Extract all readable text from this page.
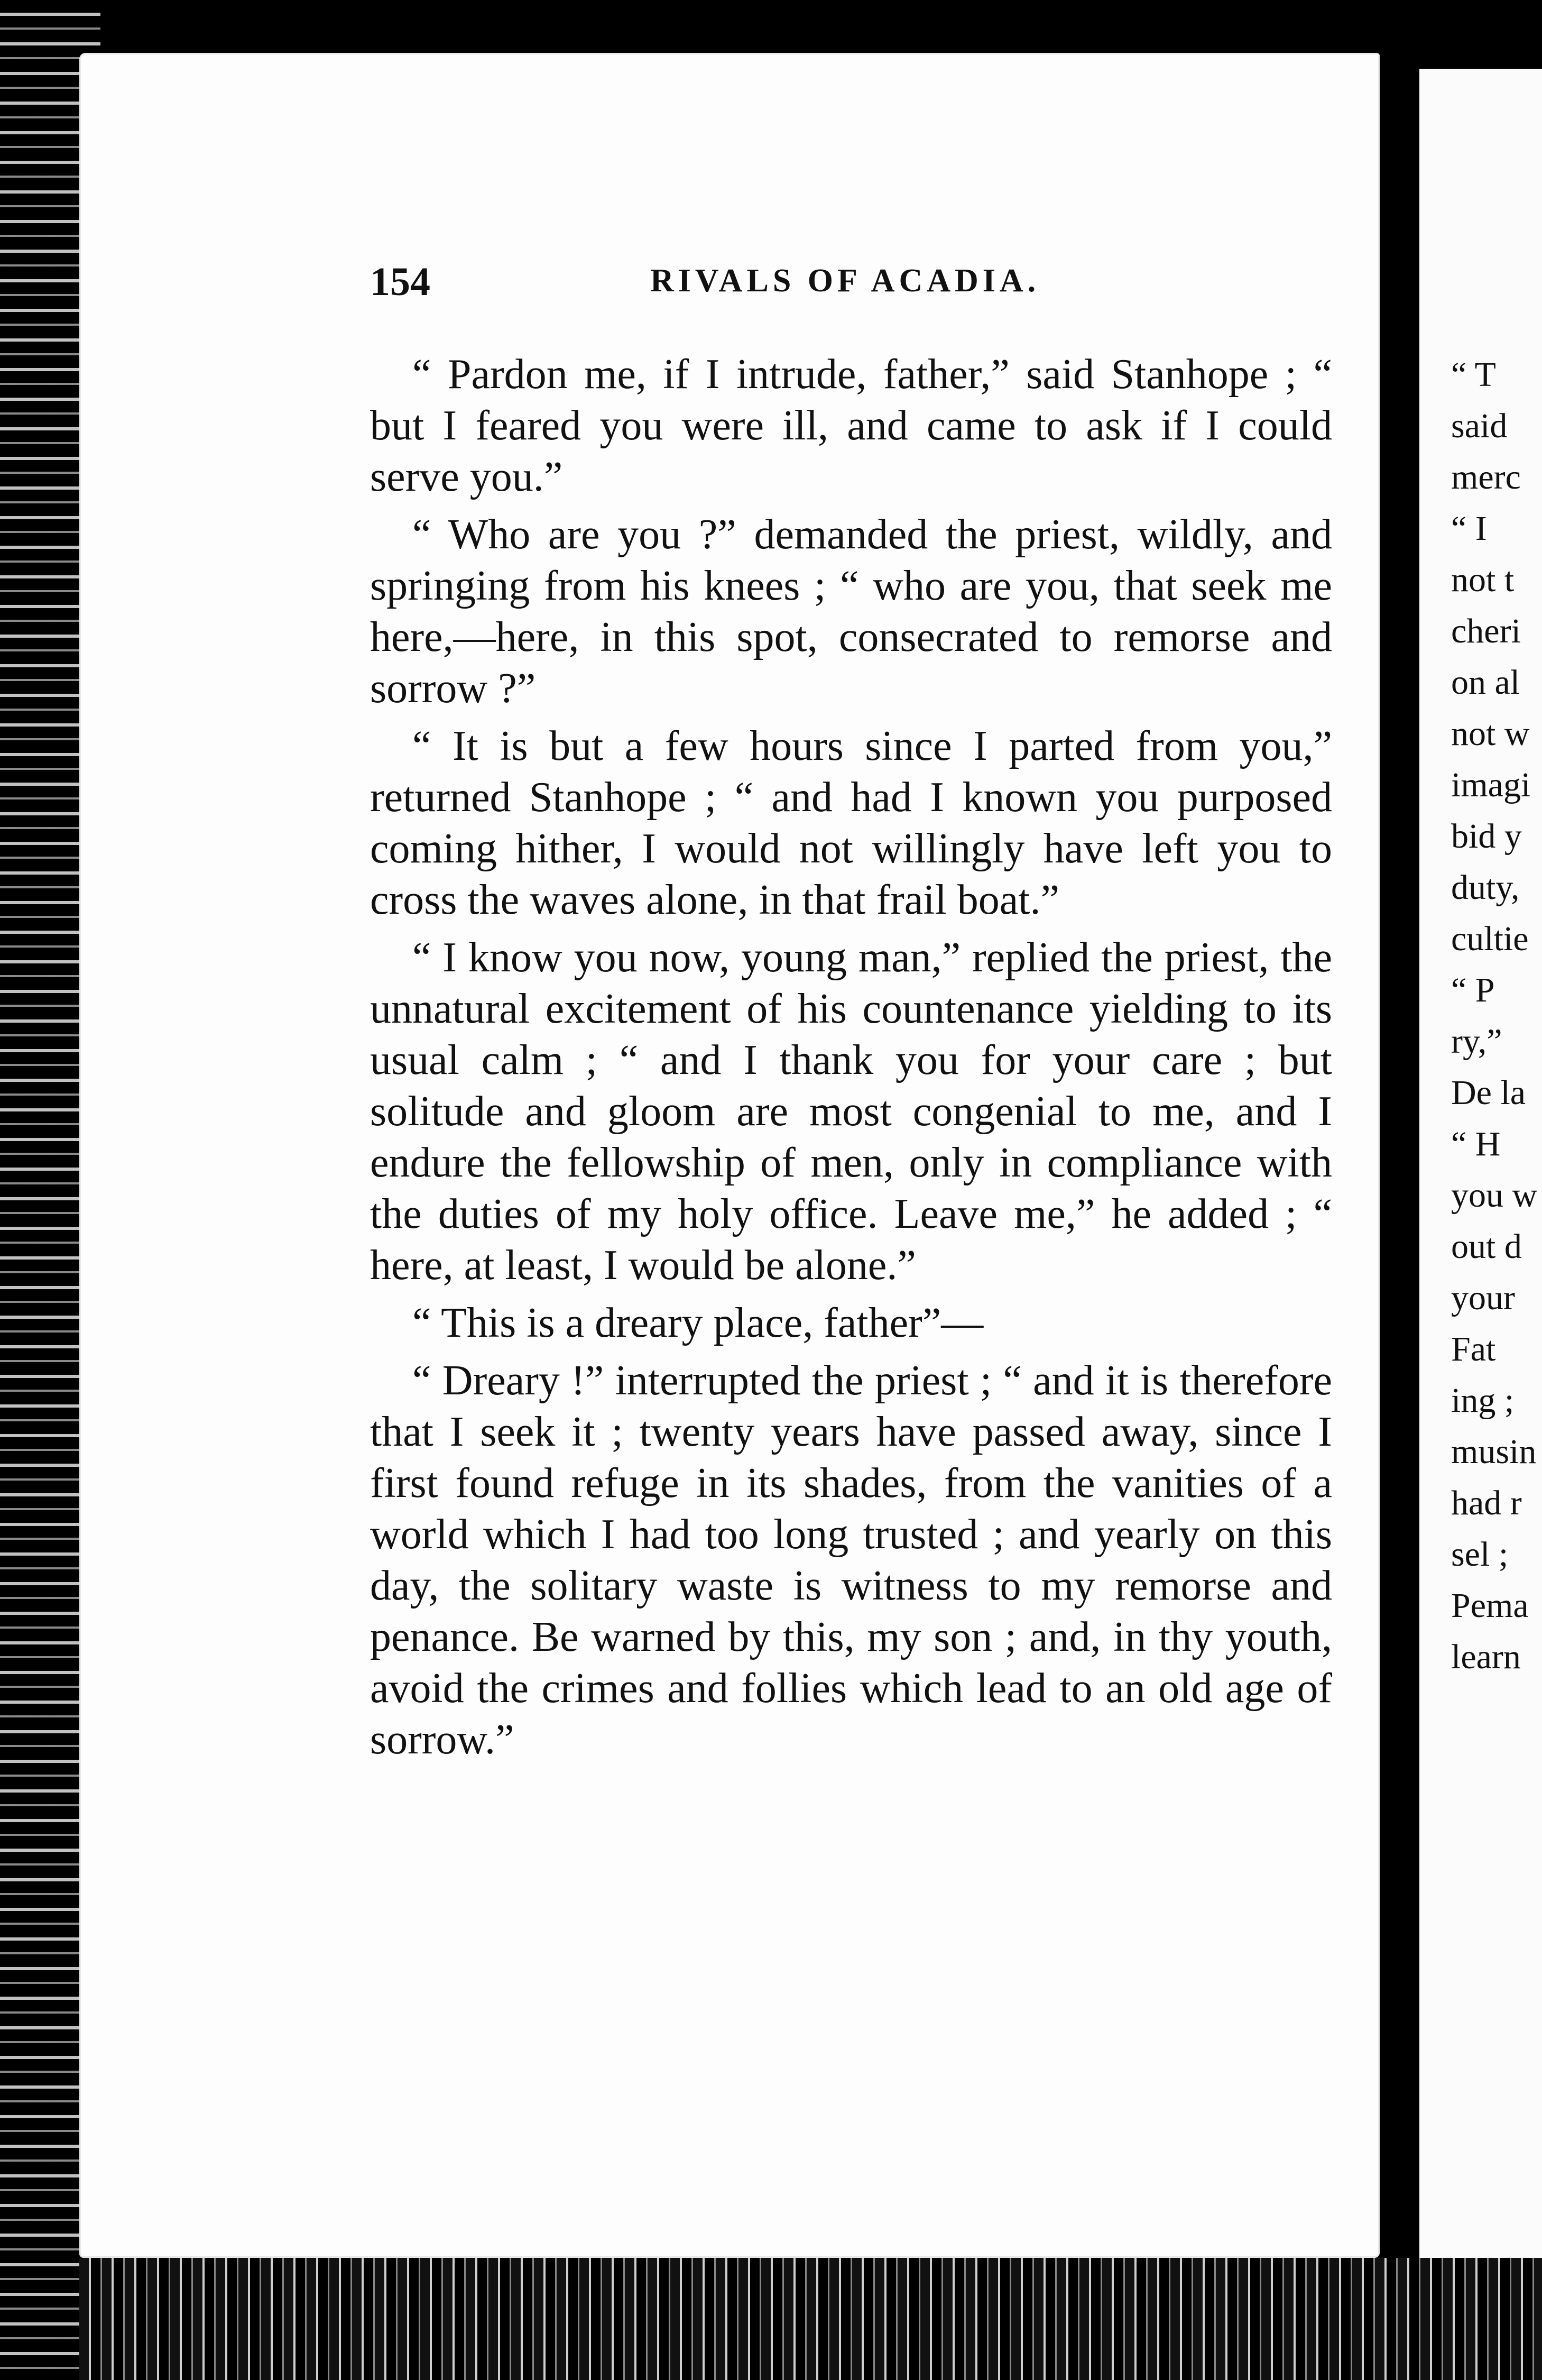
154	RIVALS OF ACADIA.

“ Pardon me, if I intrude, father,” said Stanhope ; “ but I feared you were ill, and came to ask if I could serve you.”

“ Who are you ?” demanded the priest, wildly, and springing from his knees ; “ who are you, that seek me here,—here, in this spot, consecrated to remorse and sorrow ?”

“ It is but a few hours since I parted from you,” returned Stanhope ; “ and had I known you purposed coming hither, I would not willingly have left you to cross the waves alone, in that frail boat.”

“ I know you now, young man,” replied the priest, the unnatural excitement of his countenance yielding to its usual calm ; “ and I thank you for your care ; but solitude and gloom are most congenial to me, and I endure the fellowship of men, only in compliance with the duties of my holy office. Leave me,” he added ; “ here, at least, I would be alone.”

“ This is a dreary place, father”—

“ Dreary !” interrupted the priest ; “ and it is therefore that I seek it ; twenty years have passed away, since I first found refuge in its shades, from the vanities of a world which I had too long trusted ; and yearly on this day, the solitary waste is witness to my remorse and penance. Be warned by this, my son ; and, in thy youth, avoid the crimes and follies which lead to an old age of sorrow.”

“ T
said
merc
“ I
not t
cheri
on al
not w
imagi
bid y
duty,
cultiе
“ P
ry,”
De la
“ H
you w
out d
your
Fat
ing ;
musin
had r
sel ;
Pema
learn
